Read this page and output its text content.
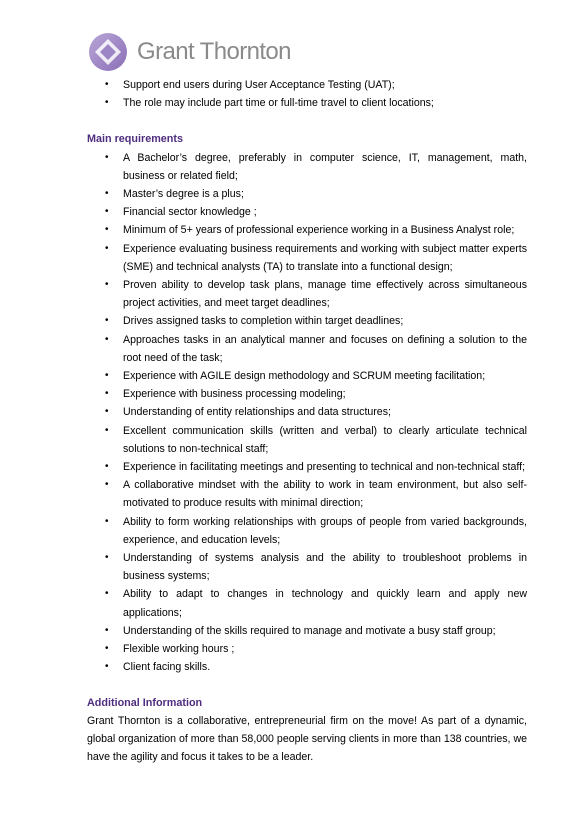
Grant Thornton
• Support end users during User Acceptance Testing (UAT);
• The role may include part time or full-time travel to client locations;
Main requirements
• A Bachelor’s degree, preferably in computer science, IT, management, math, business or related field;
• Master’s degree is a plus;
• Financial sector knowledge ;
• Minimum of 5+ years of professional experience working in a Business Analyst role;
• Experience evaluating business requirements and working with subject matter experts (SME) and technical analysts (TA) to translate into a functional design;
• Proven ability to develop task plans, manage time effectively across simultaneous project activities, and meet target deadlines;
• Drives assigned tasks to completion within target deadlines;
• Approaches tasks in an analytical manner and focuses on defining a solution to the root need of the task;
• Experience with AGILE design methodology and SCRUM meeting facilitation;
• Experience with business processing modeling;
• Understanding of entity relationships and data structures;
• Excellent communication skills (written and verbal) to clearly articulate technical solutions to non-technical staff;
• Experience in facilitating meetings and presenting to technical and non-technical staff;
• A collaborative mindset with the ability to work in team environment, but also self-motivated to produce results with minimal direction;
• Ability to form working relationships with groups of people from varied backgrounds, experience, and education levels;
• Understanding of systems analysis and the ability to troubleshoot problems in business systems;
• Ability to adapt to changes in technology and quickly learn and apply new applications;
• Understanding of the skills required to manage and motivate a busy staff group;
• Flexible working hours ;
• Client facing skills.
Additional Information
Grant Thornton is a collaborative, entrepreneurial firm on the move! As part of a dynamic, global organization of more than 58,000 people serving clients in more than 138 countries, we have the agility and focus it takes to be a leader.
